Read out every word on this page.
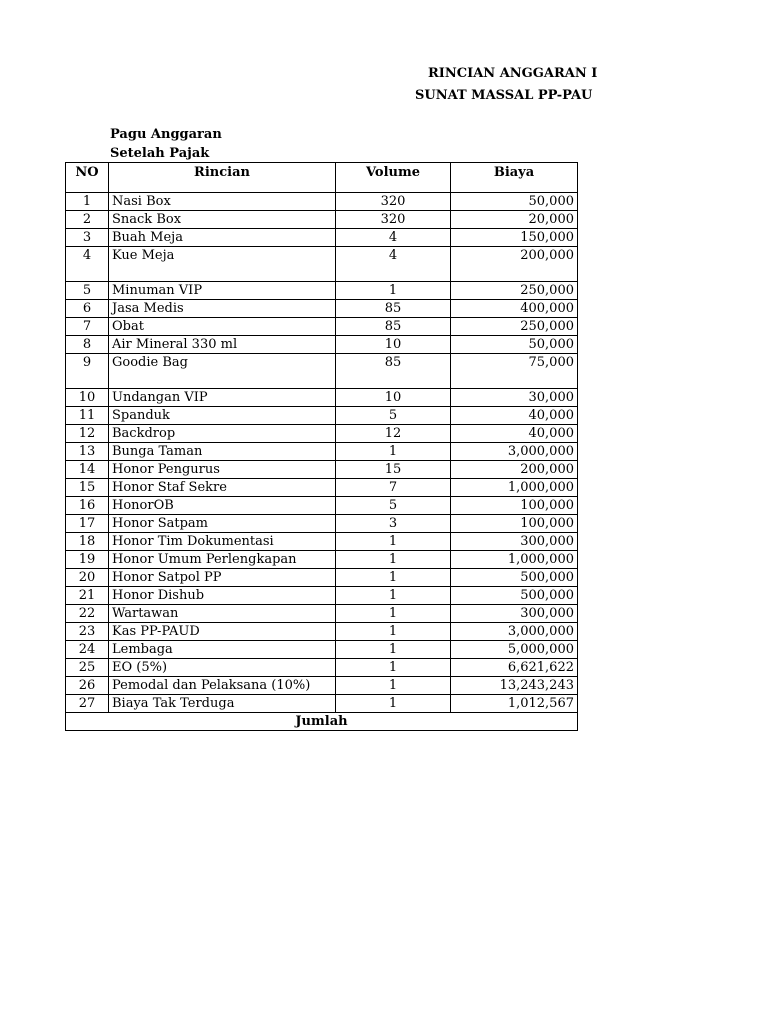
RINCIAN ANGGARAN I
SUNAT MASSAL PP-PAU
Pagu Anggaran
Setelah Pajak
NO	Rincian	Volume	Biaya
1	Nasi Box	320	50,000
2	Snack Box	320	20,000
3	Buah Meja	4	150,000
4	Kue Meja	4	200,000
5	Minuman VIP	1	250,000
6	Jasa Medis	85	400,000
7	Obat	85	250,000
8	Air Mineral 330 ml	10	50,000
9	Goodie Bag	85	75,000
10	Undangan VIP	10	30,000
11	Spanduk	5	40,000
12	Backdrop	12	40,000
13	Bunga Taman	1	3,000,000
14	Honor Pengurus	15	200,000
15	Honor Staf Sekre	7	1,000,000
16	HonorOB	5	100,000
17	Honor Satpam	3	100,000
18	Honor Tim Dokumentasi	1	300,000
19	Honor Umum Perlengkapan	1	1,000,000
20	Honor Satpol PP	1	500,000
21	Honor Dishub	1	500,000
22	Wartawan	1	300,000
23	Kas PP-PAUD	1	3,000,000
24	Lembaga	1	5,000,000
25	EO (5%)	1	6,621,622
26	Pemodal dan Pelaksana (10%)	1	13,243,243
27	Biaya Tak Terduga	1	1,012,567
Jumlah			
